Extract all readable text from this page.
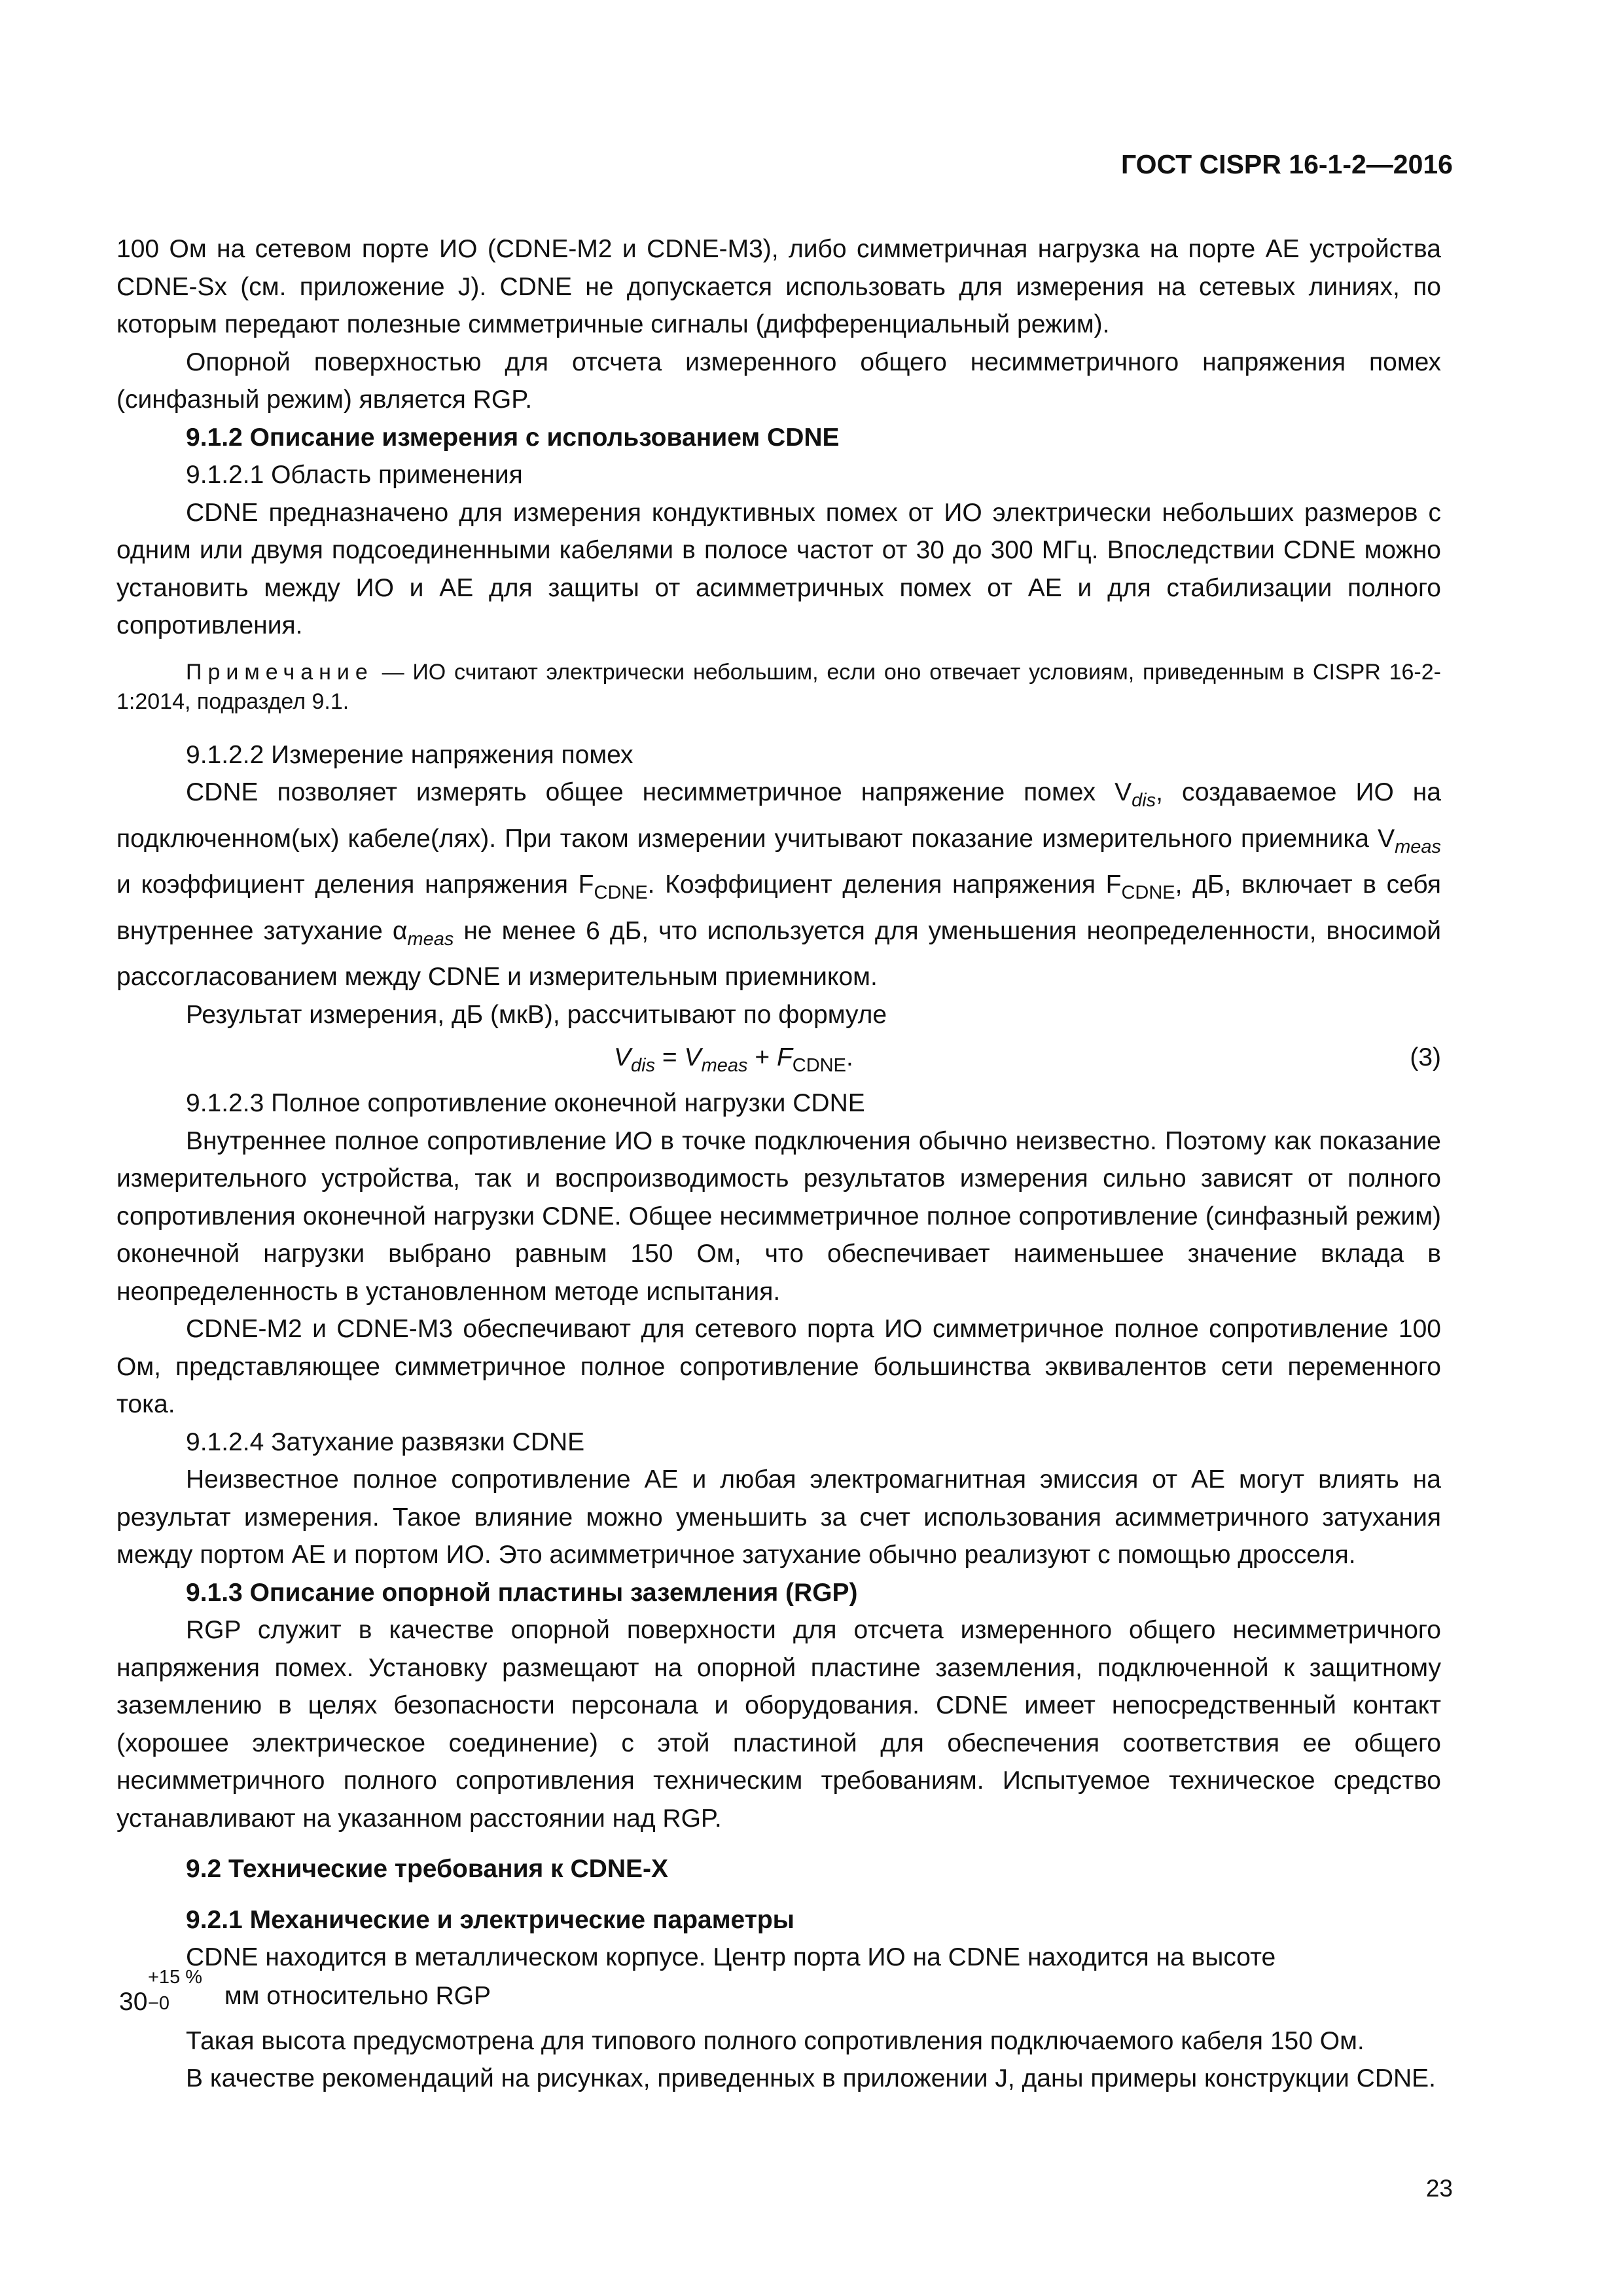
ГОСТ CISPR 16-1-2—2016

100 Ом на сетевом порте ИО (CDNE-M2 и CDNE-M3), либо симметричная нагрузка на порте АЕ устройства CDNE-Sx (см. приложение J). CDNE не допускается использовать для измерения на сетевых линиях, по которым передают полезные симметричные сигналы (дифференциальный режим).

Опорной поверхностью для отсчета измеренного общего несимметричного напряжения помех (синфазный режим) является RGP.

9.1.2 Описание измерения с использованием CDNE

9.1.2.1 Область применения

CDNE предназначено для измерения кондуктивных помех от ИО электрически небольших размеров с одним или двумя подсоединенными кабелями в полосе частот от 30 до 300 МГц. Впоследствии CDNE можно установить между ИО и АЕ для защиты от асимметричных помех от АЕ и для стабилизации полного сопротивления.

Примечание — ИО считают электрически небольшим, если оно отвечает условиям, приведенным в CISPR 16-2-1:2014, подраздел 9.1.

9.1.2.2 Измерение напряжения помех

CDNE позволяет измерять общее несимметричное напряжение помех $V_{dis}$, создаваемое ИО на подключенном(ых) кабеле(лях). При таком измерении учитывают показание измерительного приемника $V_{meas}$ и коэффициент деления напряжения $F_{CDNE}$. Коэффициент деления напряжения $F_{CDNE}$, дБ, включает в себя внутреннее затухание $\alpha_{meas}$ не менее 6 дБ, что используется для уменьшения неопределенности, вносимой рассогласованием между CDNE и измерительным приемником.

Результат измерения, дБ (мкВ), рассчитывают по формуле

$V_{dis} = V_{meas} + F_{CDNE}$.	(3)

9.1.2.3 Полное сопротивление оконечной нагрузки CDNE

Внутреннее полное сопротивление ИО в точке подключения обычно неизвестно. Поэтому как показание измерительного устройства, так и воспроизводимость результатов измерения сильно зависят от полного сопротивления оконечной нагрузки CDNE. Общее несимметричное полное сопротивление (синфазный режим) оконечной нагрузки выбрано равным 150 Ом, что обеспечивает наименьшее значение вклада в неопределенность в установленном методе испытания.

CDNE-M2 и CDNE-M3 обеспечивают для сетевого порта ИО симметричное полное сопротивление 100 Ом, представляющее симметричное полное сопротивление большинства эквивалентов сети переменного тока.

9.1.2.4 Затухание развязки CDNE

Неизвестное полное сопротивление АЕ и любая электромагнитная эмиссия от АЕ могут влиять на результат измерения. Такое влияние можно уменьшить за счет использования асимметричного затухания между портом АЕ и портом ИО. Это асимметричное затухание обычно реализуют с помощью дросселя.

9.1.3 Описание опорной пластины заземления (RGP)

RGP служит в качестве опорной поверхности для отсчета измеренного общего несимметричного напряжения помех. Установку размещают на опорной пластине заземления, подключенной к защитному заземлению в целях безопасности персонала и оборудования. CDNE имеет непосредственный контакт (хорошее электрическое соединение) с этой пластиной для обеспечения соответствия ее общего несимметричного полного сопротивления техническим требованиям. Испытуемое техническое средство устанавливают на указанном расстоянии над RGP.

9.2 Технические требования к CDNE-X

9.2.1 Механические и электрические параметры

CDNE находится в металлическом корпусе. Центр порта ИО на CDNE находится на высоте

30
+15 %
−0 мм относительно RGP

Такая высота предусмотрена для типового полного сопротивления подключаемого кабеля 150 Ом.

В качестве рекомендаций на рисунках, приведенных в приложении J, даны примеры конструкции CDNE.

23
